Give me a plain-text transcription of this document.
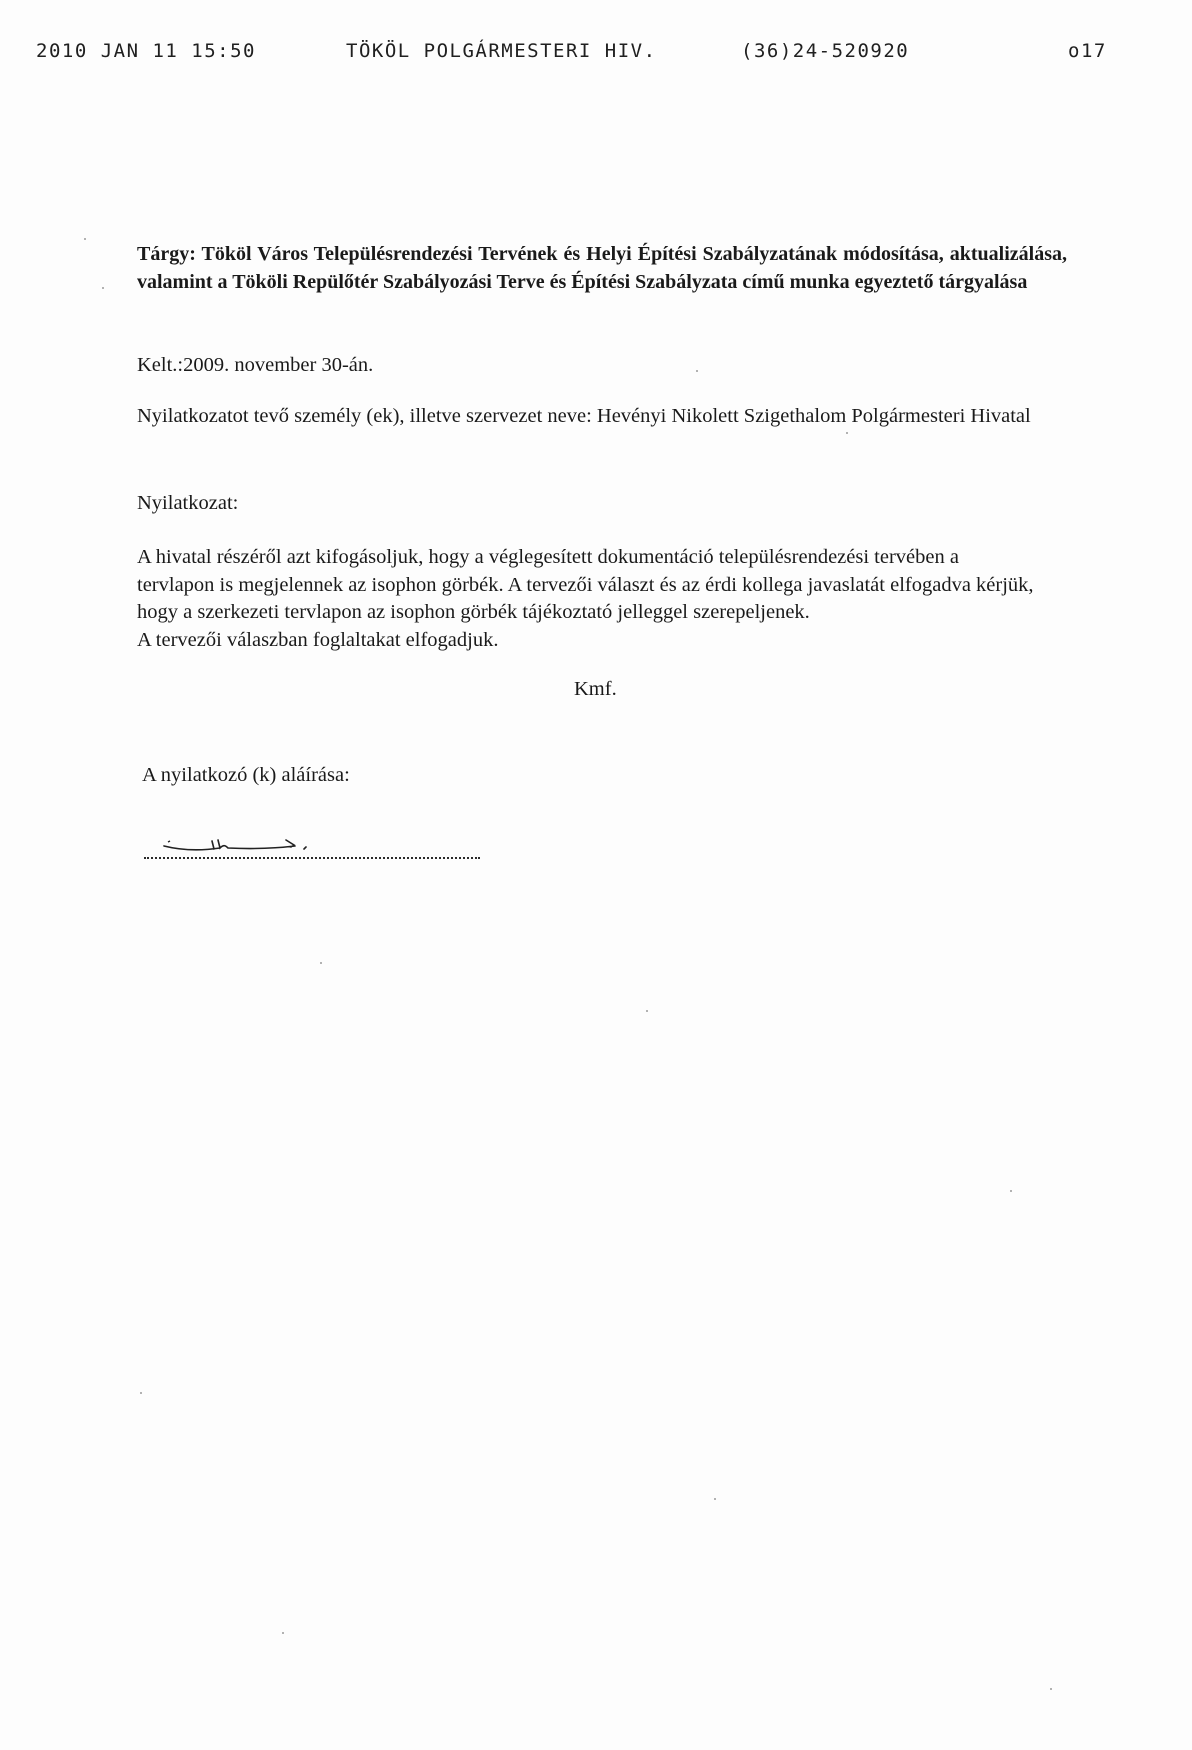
2010 JAN 11 15:50	TÖKÖL POLGÁRMESTERI HIV.	(36)24-520920	o17
Tárgy: Tököl Város Településrendezési Tervének és Helyi Építési Szabályzatának módosítása, aktualizálása, valamint a Tököli Repülőtér Szabályozási Terve és Építési Szabályzata című munka egyeztető tárgyalása
Kelt.:2009. november 30-án.
Nyilatkozatot tevő személy (ek), illetve szervezet neve: Hevényi Nikolett Szigethalom Polgármesteri Hivatal
Nyilatkozat:

A hivatal részéről azt kifogásoljuk, hogy a véglegesített dokumentáció településrendezési tervében a tervlapon is megjelennek az isophon görbék. A tervezői választ és az érdi kollega javaslatát elfogadva kérjük, hogy a szerkezeti tervlapon az isophon görbék tájékoztató jelleggel szerepeljenek.

A tervezői válaszban foglaltakat elfogadjuk.

Kmf.
A nyilatkozó (k) aláírása:
